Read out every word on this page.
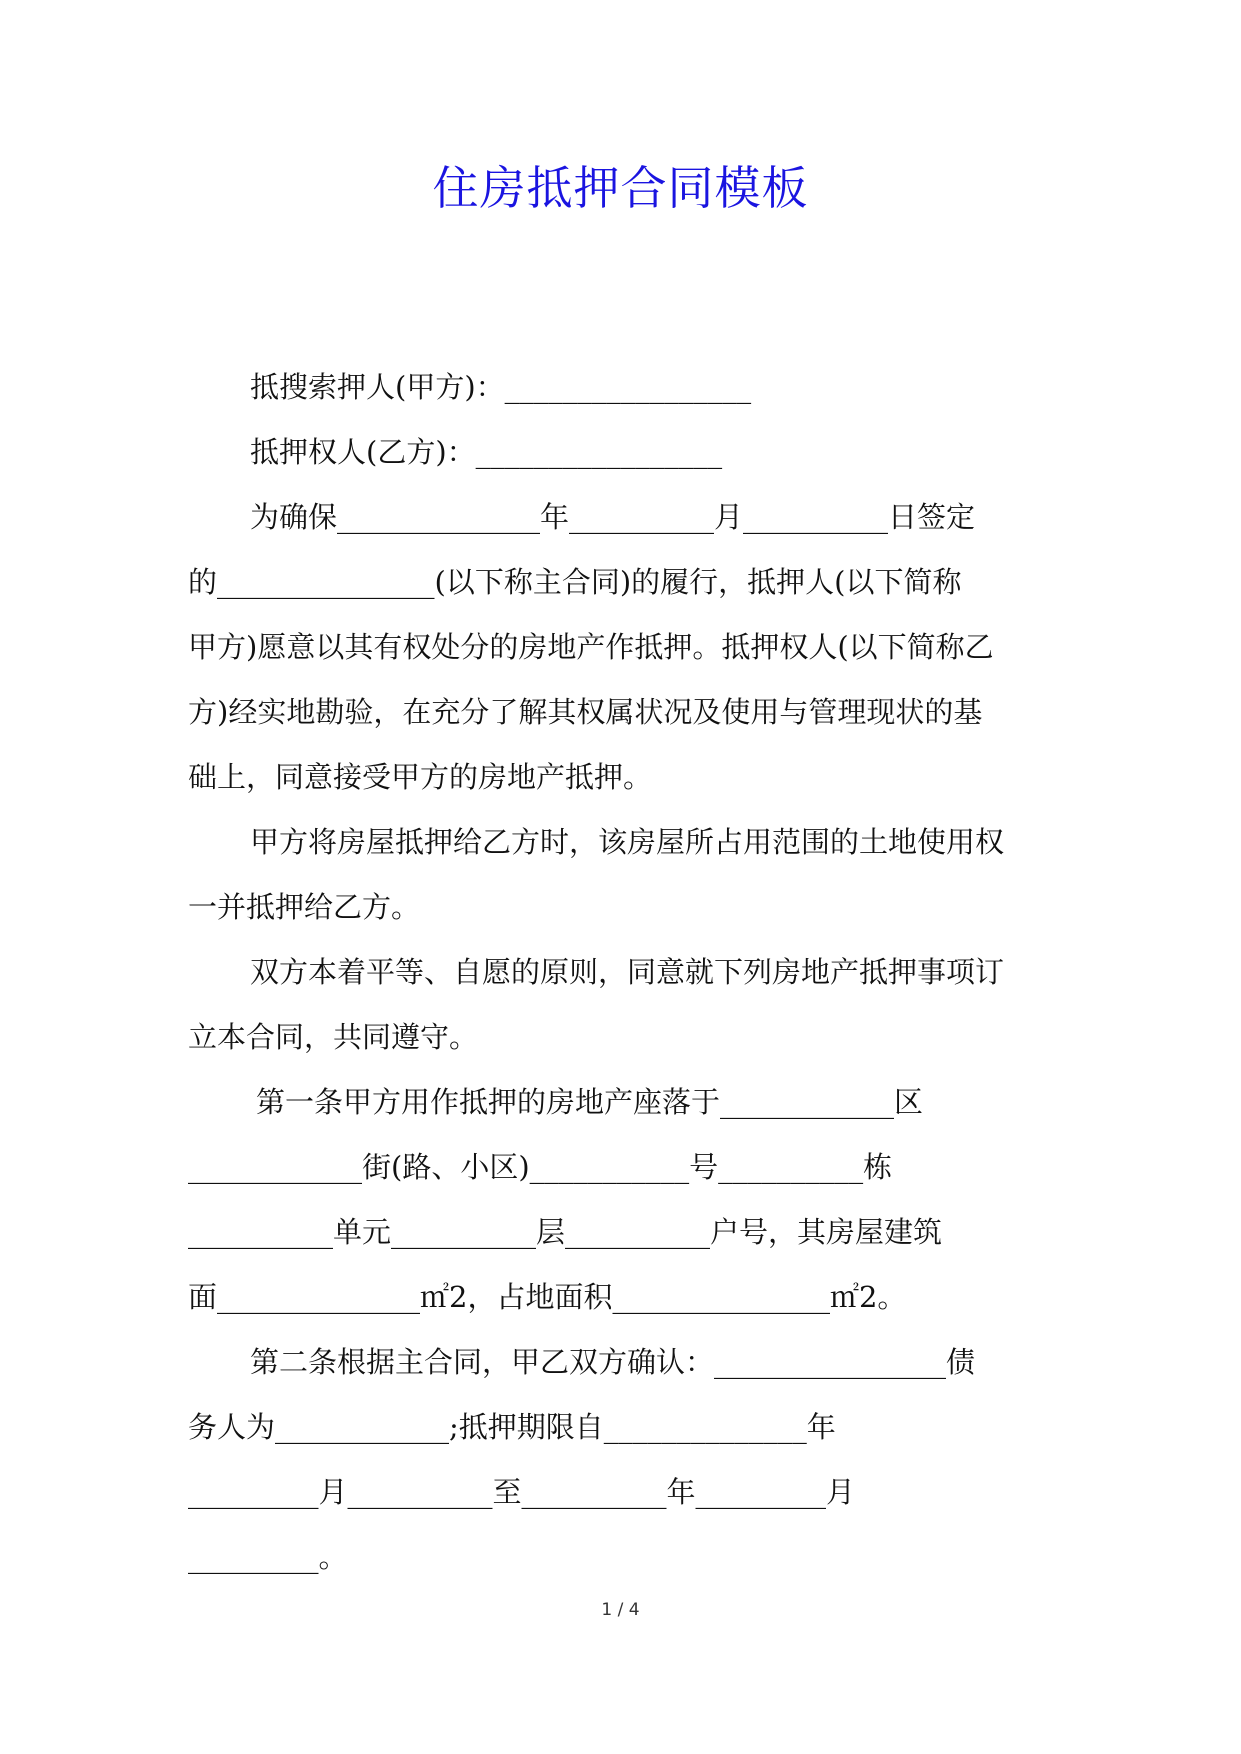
住房抵押合同模板
抵搜索押人(甲方)：_________________
抵押权人(乙方)：_________________
为确保______________年__________月__________日签定
的_______________(以下称主合同)的履行，抵押人(以下简称
甲方)愿意以其有权处分的房地产作抵押。抵押权人(以下简称乙
方)经实地勘验，在充分了解其权属状况及使用与管理现状的基
础上，同意接受甲方的房地产抵押。
甲方将房屋抵押给乙方时，该房屋所占用范围的土地使用权
一并抵押给乙方。
双方本着平等、自愿的原则，同意就下列房地产抵押事项订
立本合同，共同遵守。
第一条甲方用作抵押的房地产座落于____________区
____________街(路、小区)___________号__________栋
__________单元__________层__________户号，其房屋建筑
面______________㎡2，占地面积_______________㎡2。
第二条根据主合同，甲乙双方确认：________________债
务人为____________;抵押期限自______________年
_________月__________至__________年_________月
_________。
1 / 4
